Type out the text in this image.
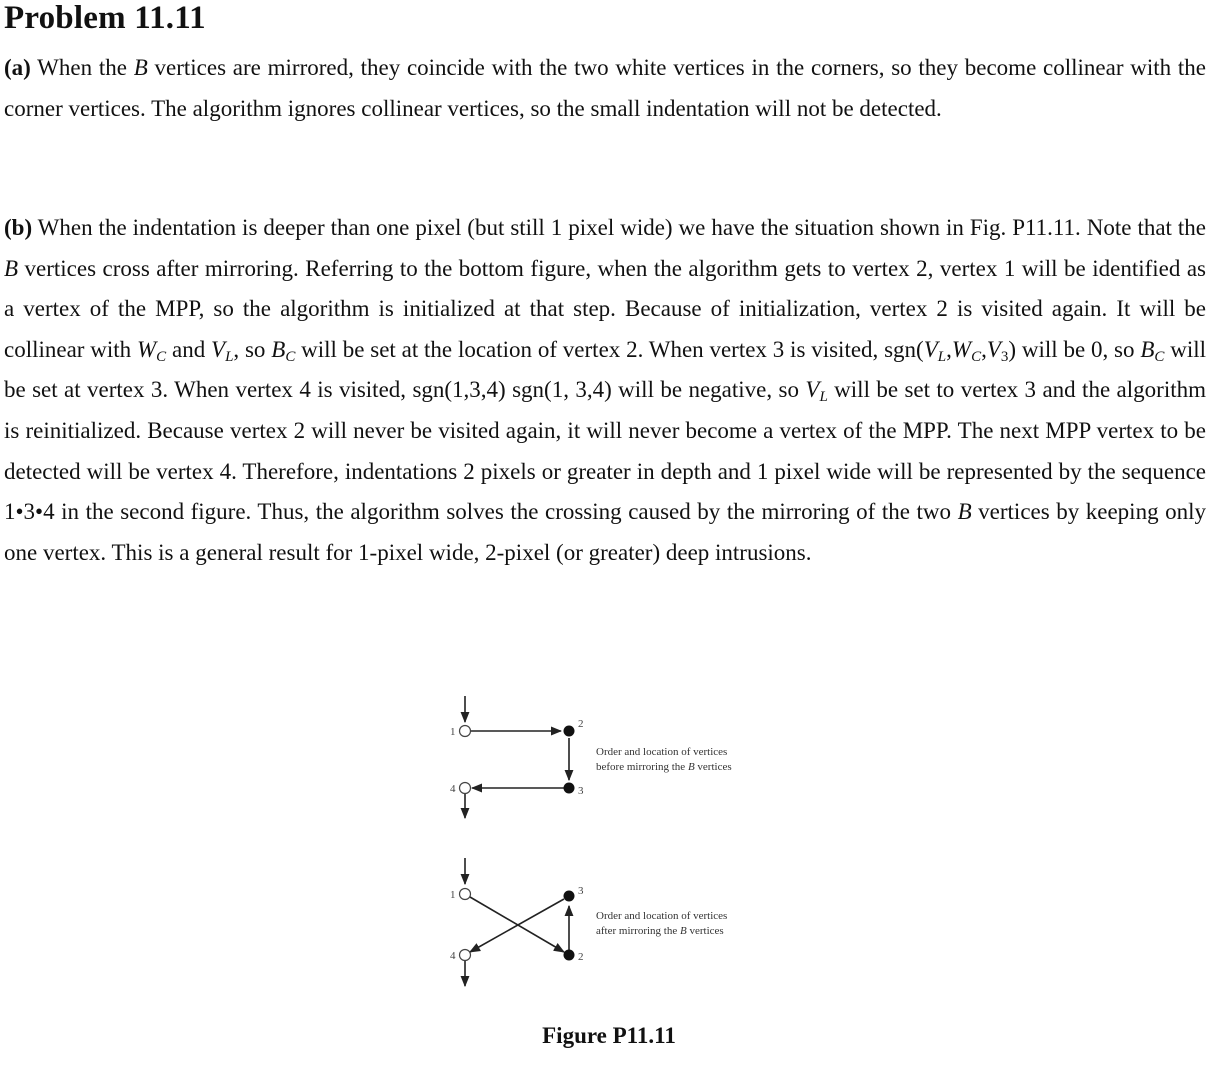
Problem 11.11
(a) When the B vertices are mirrored, they coincide with the two white vertices in the corners, so they become collinear with the corner vertices. The algorithm ignores collinear vertices, so the small indentation will not be detected.
(b) When the indentation is deeper than one pixel (but still 1 pixel wide) we have the situation shown in Fig. P11.11. Note that the B vertices cross after mirroring. Referring to the bottom figure, when the algorithm gets to vertex 2, vertex 1 will be identified as a vertex of the MPP, so the algorithm is initialized at that step. Because of initialization, vertex 2 is visited again. It will be collinear with $W_C$ and $V_L$, so $B_C$ will be set at the location of vertex 2. When vertex 3 is visited, $sgn(V_L,W_C,V_3)$ will be 0, so $B_C$ will be set at vertex 3. When vertex 4 is visited, sgn(1,3,4) sgn(1, 3,4) will be negative, so $V_L$ will be set to vertex 3 and the algorithm is reinitialized. Because vertex 2 will never be visited again, it will never become a vertex of the MPP. The next MPP vertex to be detected will be vertex 4. Therefore, indentations 2 pixels or greater in depth and 1 pixel wide will be represented by the sequence 1•3•4 in the second figure. Thus, the algorithm solves the crossing caused by the mirroring of the two B vertices by keeping only one vertex. This is a general result for 1-pixel wide, 2-pixel (or greater) deep intrusions.
1
2
3
4
Order and location of vertices
before mirroring the B vertices
1	3
2
4
Order and location of vertices
after mirroring the B vertices
Figure P11.11
